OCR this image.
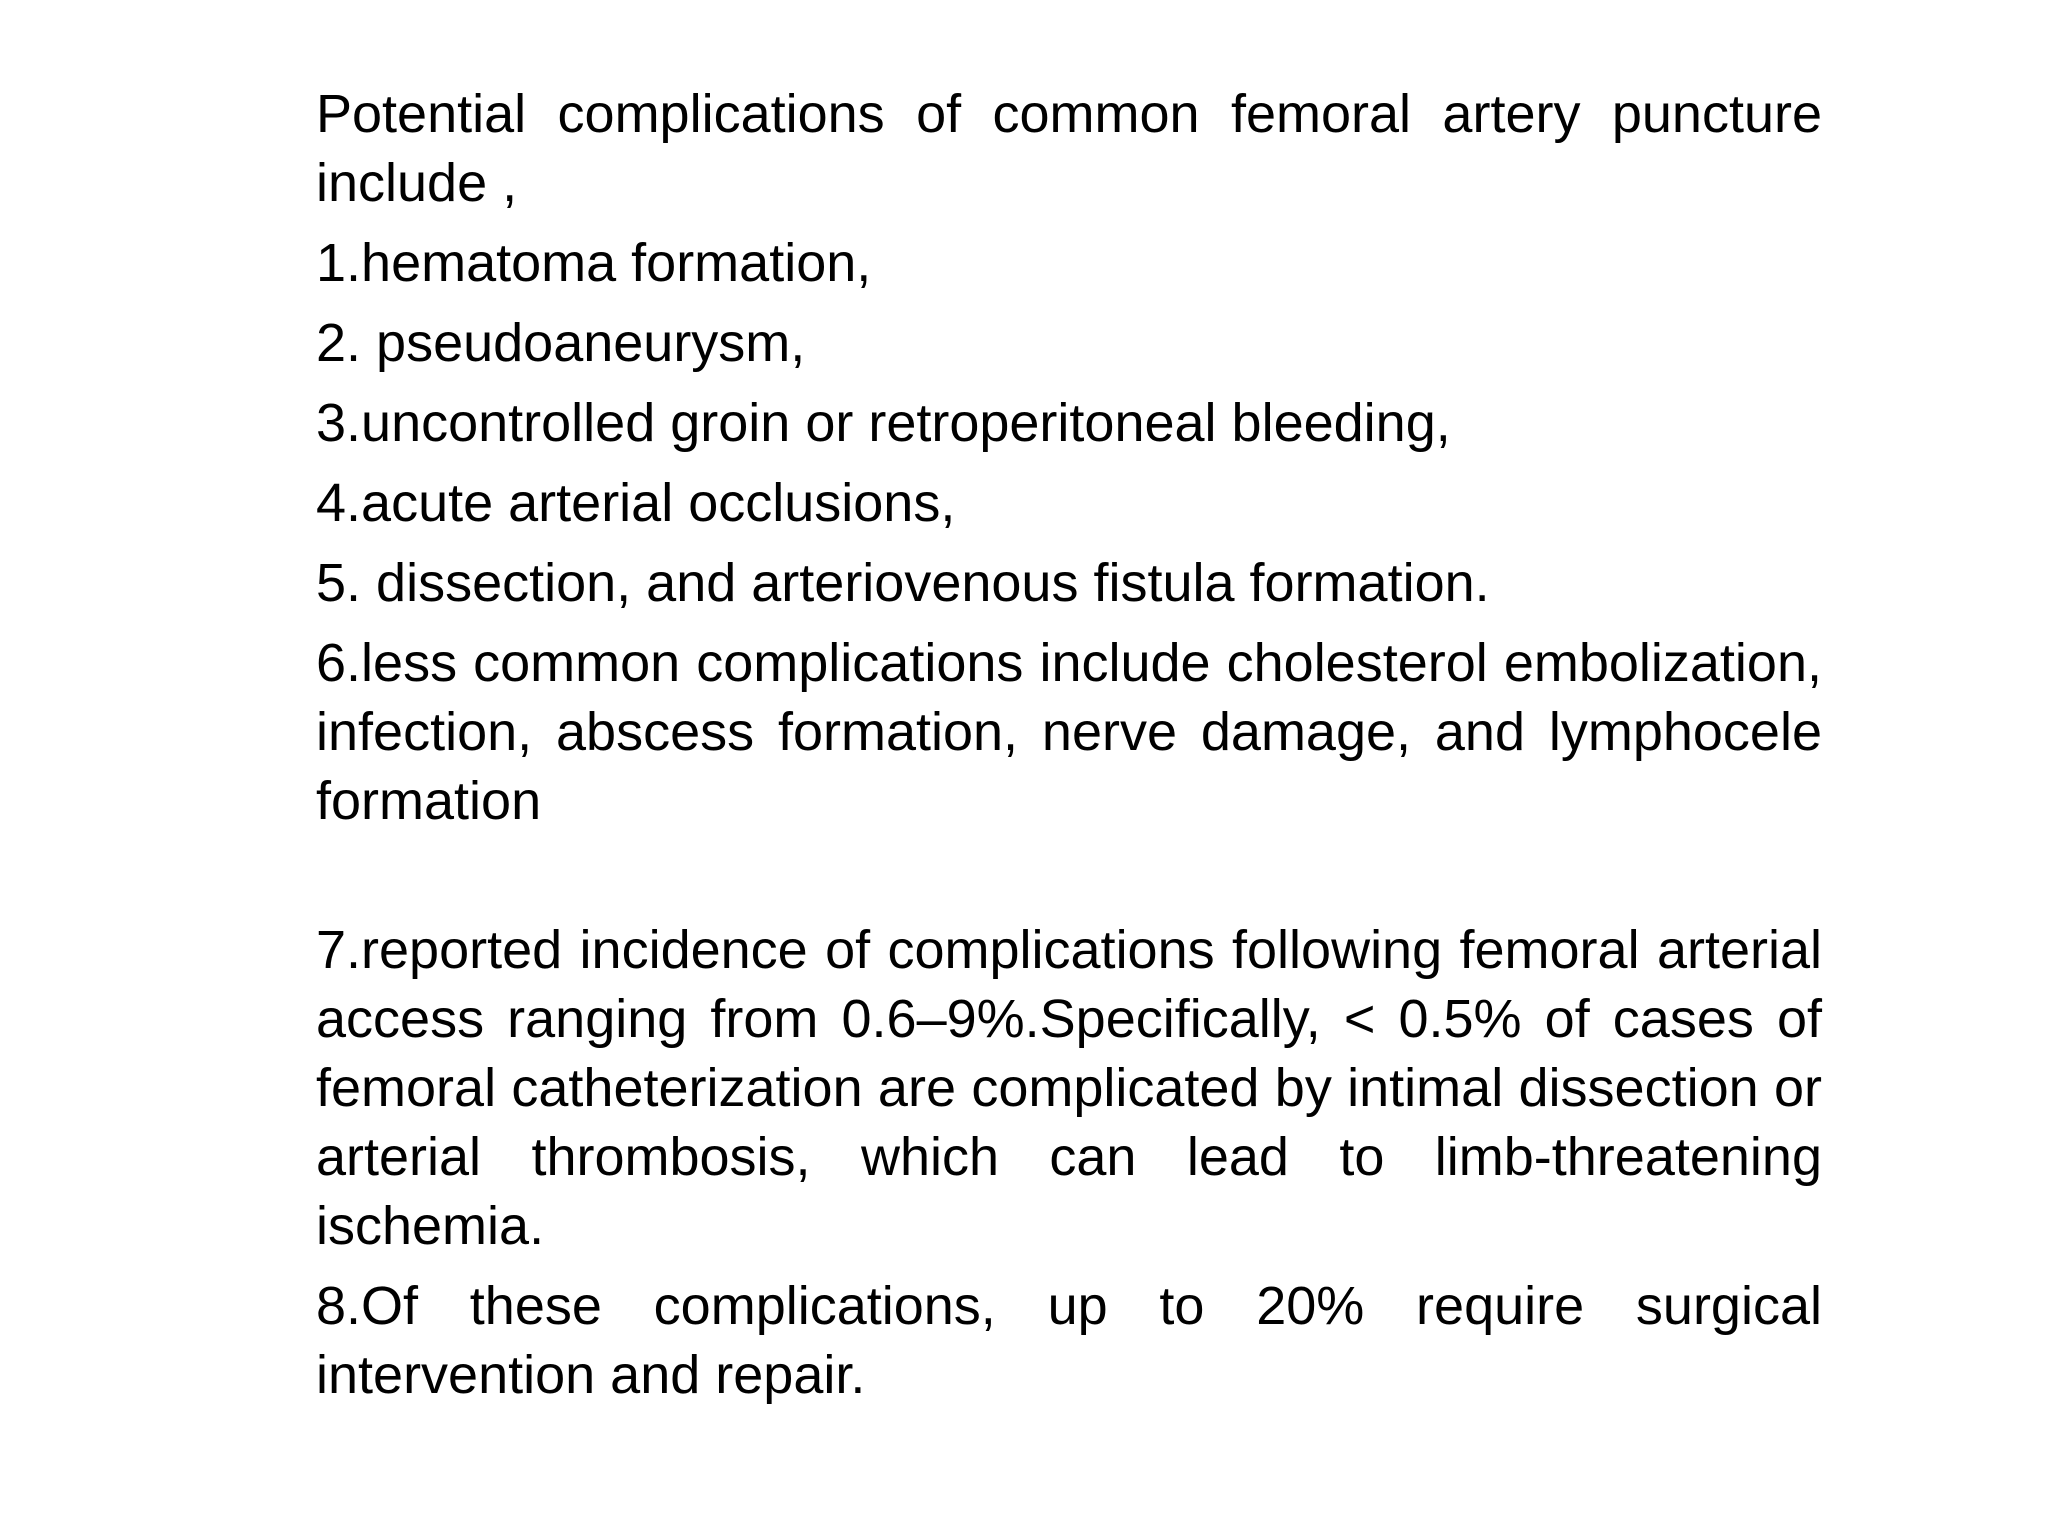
Potential complications of common femoral artery puncture include ,

1.hematoma formation,

2. pseudoaneurysm,

3.uncontrolled groin or retroperitoneal bleeding,

4.acute arterial occlusions,

5. dissection, and arteriovenous fistula formation.

6.less common complications include cholesterol embolization, infection, abscess formation, nerve damage, and lymphocele formation

7.reported incidence of complications following femoral arterial access ranging from 0.6–9%.Specifically, < 0.5% of cases of femoral catheterization are complicated by intimal dissection or arterial thrombosis, which can lead to limb-threatening ischemia.

8.Of these complications, up to 20% require surgical intervention and repair.
